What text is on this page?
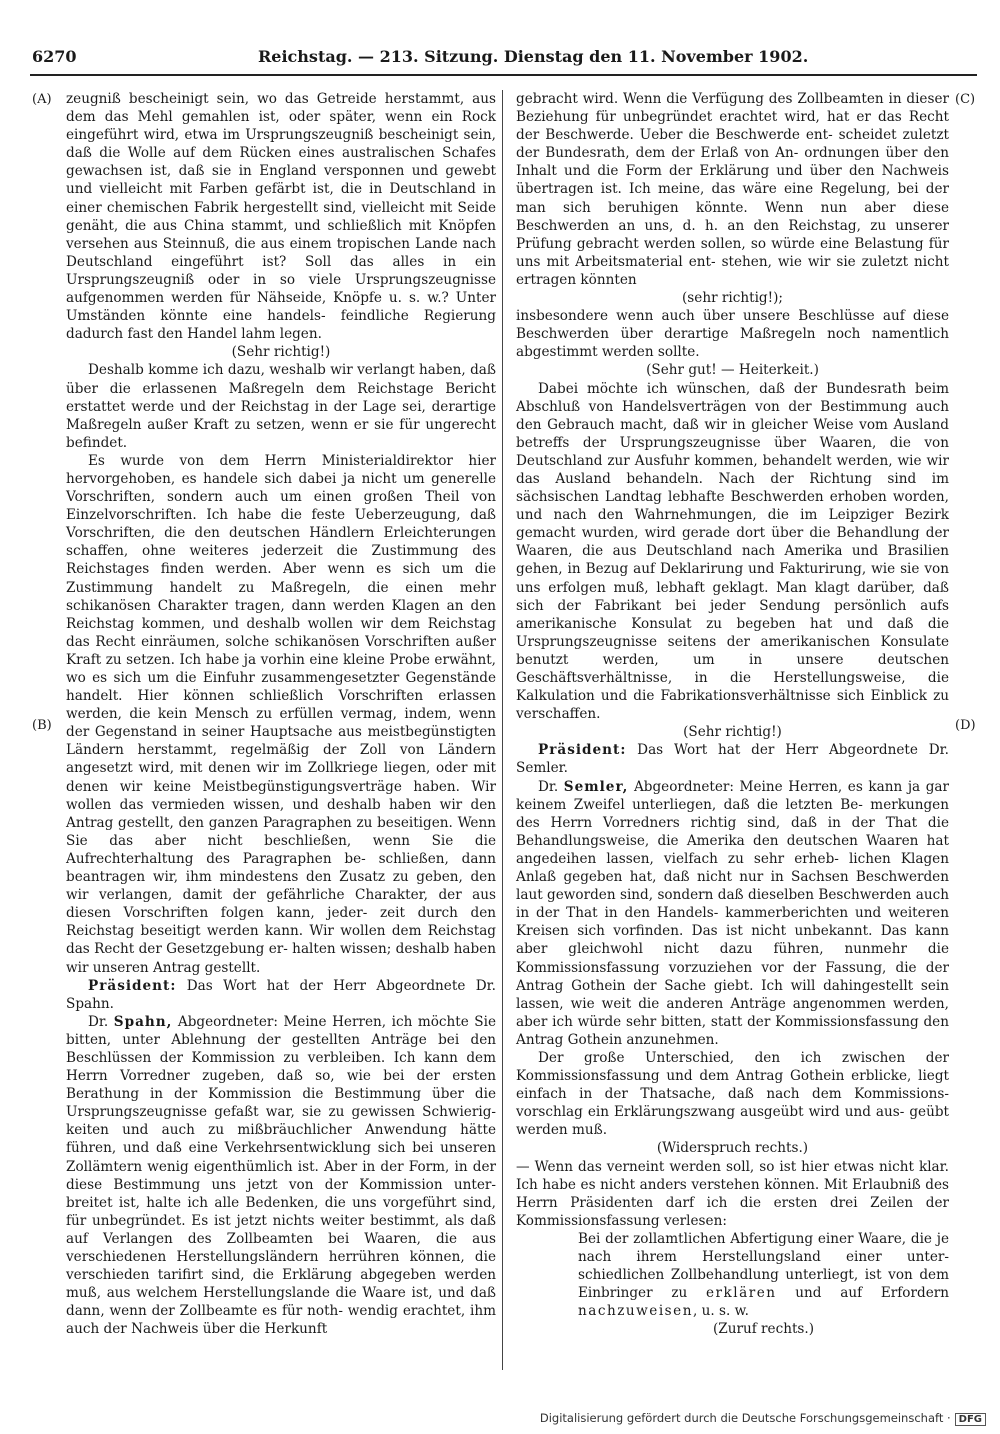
6270	Reichstag. — 213. Sitzung. Dienstag den 11. November 1902.
(A)
(B)
(C)
(D)

zeugniß bescheinigt sein, wo das Getreide herstammt, aus dem das Mehl gemahlen ist, oder später, wenn ein Rock eingeführt wird, etwa im Ursprungszeugniß bescheinigt sein, daß die Wolle auf dem Rücken eines australischen Schafes gewachsen ist, daß sie in England versponnen und gewebt und vielleicht mit Farben gefärbt ist, die in Deutschland in einer chemischen Fabrik hergestellt sind, vielleicht mit Seide genäht, die aus China stammt, und schließlich mit Knöpfen versehen aus Steinnuß, die aus einem tropischen Lande nach Deutschland eingeführt ist? Soll das alles in ein Ursprungszeugniß oder in so viele Ursprungszeugnisse aufgenommen werden für Nähseide, Knöpfe u. s. w.? Unter Umständen könnte eine handels- feindliche Regierung dadurch fast den Handel lahm legen.

(Sehr richtig!)

Deshalb komme ich dazu, weshalb wir verlangt haben, daß über die erlassenen Maßregeln dem Reichstage Bericht erstattet werde und der Reichstag in der Lage sei, derartige Maßregeln außer Kraft zu setzen, wenn er sie für ungerecht befindet.

Es wurde von dem Herrn Ministerialdirektor hier hervorgehoben, es handele sich dabei ja nicht um generelle Vorschriften, sondern auch um einen großen Theil von Einzelvorschriften. Ich habe die feste Ueberzeugung, daß Vorschriften, die den deutschen Händlern Erleichterungen schaffen, ohne weiteres jederzeit die Zustimmung des Reichstages finden werden. Aber wenn es sich um die Zustimmung handelt zu Maßregeln, die einen mehr schikanösen Charakter tragen, dann werden Klagen an den Reichstag kommen, und deshalb wollen wir dem Reichstag das Recht einräumen, solche schikanösen Vorschriften außer Kraft zu setzen. Ich habe ja vorhin eine kleine Probe erwähnt, wo es sich um die Einfuhr zusammengesetzter Gegenstände handelt. Hier können schließlich Vorschriften erlassen werden, die kein Mensch zu erfüllen vermag, indem, wenn der Gegenstand in seiner Hauptsache aus meistbegünstigten Ländern herstammt, regelmäßig der Zoll von Ländern angesetzt wird, mit denen wir im Zollkriege liegen, oder mit denen wir keine Meistbegünstigungsverträge haben. Wir wollen das vermieden wissen, und deshalb haben wir den Antrag gestellt, den ganzen Paragraphen zu beseitigen. Wenn Sie das aber nicht beschließen, wenn Sie die Aufrechterhaltung des Paragraphen be- schließen, dann beantragen wir, ihm mindestens den Zusatz zu geben, den wir verlangen, damit der gefährliche Charakter, der aus diesen Vorschriften folgen kann, jeder- zeit durch den Reichstag beseitigt werden kann. Wir wollen dem Reichstag das Recht der Gesetzgebung er- halten wissen; deshalb haben wir unseren Antrag gestellt.

Präsident: Das Wort hat der Herr Abgeordnete Dr. Spahn.

Dr. Spahn, Abgeordneter: Meine Herren, ich möchte Sie bitten, unter Ablehnung der gestellten Anträge bei den Beschlüssen der Kommission zu verbleiben. Ich kann dem Herrn Vorredner zugeben, daß so, wie bei der ersten Berathung in der Kommission die Bestimmung über die Ursprungszeugnisse gefaßt war, sie zu gewissen Schwierig- keiten und auch zu mißbräuchlicher Anwendung hätte führen, und daß eine Verkehrsentwicklung sich bei unseren Zollämtern wenig eigenthümlich ist. Aber in der Form, in der diese Bestimmung uns jetzt von der Kommission unter- breitet ist, halte ich alle Bedenken, die uns vorgeführt sind, für unbegründet. Es ist jetzt nichts weiter bestimmt, als daß auf Verlangen des Zollbeamten bei Waaren, die aus verschiedenen Herstellungsländern herrühren können, die verschieden tarifirt sind, die Erklärung abgegeben werden muß, aus welchem Herstellungslande die Waare ist, und daß dann, wenn der Zollbeamte es für noth- wendig erachtet, ihm auch der Nachweis über die Herkunft

gebracht wird. Wenn die Verfügung des Zollbeamten in dieser Beziehung für unbegründet erachtet wird, hat er das Recht der Beschwerde. Ueber die Beschwerde ent- scheidet zuletzt der Bundesrath, dem der Erlaß von An- ordnungen über den Inhalt und die Form der Erklärung und über den Nachweis übertragen ist. Ich meine, das wäre eine Regelung, bei der man sich beruhigen könnte. Wenn nun aber diese Beschwerden an uns, d. h. an den Reichstag, zu unserer Prüfung gebracht werden sollen, so würde eine Belastung für uns mit Arbeitsmaterial ent- stehen, wie wir sie zuletzt nicht ertragen könnten

(sehr richtig!);

insbesondere wenn auch über unsere Beschlüsse auf diese Beschwerden über derartige Maßregeln noch namentlich abgestimmt werden sollte.

(Sehr gut! — Heiterkeit.)

Dabei möchte ich wünschen, daß der Bundesrath beim Abschluß von Handelsverträgen von der Bestimmung auch den Gebrauch macht, daß wir in gleicher Weise vom Ausland betreffs der Ursprungszeugnisse über Waaren, die von Deutschland zur Ausfuhr kommen, behandelt werden, wie wir das Ausland behandeln. Nach der Richtung sind im sächsischen Landtag lebhafte Beschwerden erhoben worden, und nach den Wahrnehmungen, die im Leipziger Bezirk gemacht wurden, wird gerade dort über die Behandlung der Waaren, die aus Deutschland nach Amerika und Brasilien gehen, in Bezug auf Deklarirung und Fakturirung, wie sie von uns erfolgen muß, lebhaft geklagt. Man klagt darüber, daß sich der Fabrikant bei jeder Sendung persönlich aufs amerikanische Konsulat zu begeben hat und daß die Ursprungszeugnisse seitens der amerikanischen Konsulate benutzt werden, um in unsere deutschen Geschäftsverhältnisse, in die Herstellungsweise, die Kalkulation und die Fabrikationsverhältnisse sich Einblick zu verschaffen.

(Sehr richtig!)

Präsident: Das Wort hat der Herr Abgeordnete Dr. Semler.

Dr. Semler, Abgeordneter: Meine Herren, es kann ja gar keinem Zweifel unterliegen, daß die letzten Be- merkungen des Herrn Vorredners richtig sind, daß in der That die Behandlungsweise, die Amerika den deutschen Waaren hat angedeihen lassen, vielfach zu sehr erheb- lichen Klagen Anlaß gegeben hat, daß nicht nur in Sachsen Beschwerden laut geworden sind, sondern daß dieselben Beschwerden auch in der That in den Handels- kammerberichten und weiteren Kreisen sich vorfinden. Das ist nicht unbekannt. Das kann aber gleichwohl nicht dazu führen, nunmehr die Kommissionsfassung vorzuziehen vor der Fassung, die der Antrag Gothein der Sache giebt. Ich will dahingestellt sein lassen, wie weit die anderen Anträge angenommen werden, aber ich würde sehr bitten, statt der Kommissionsfassung den Antrag Gothein anzunehmen.

Der große Unterschied, den ich zwischen der Kommissionsfassung und dem Antrag Gothein erblicke, liegt einfach in der Thatsache, daß nach dem Kommissions- vorschlag ein Erklärungszwang ausgeübt wird und aus- geübt werden muß.

(Widerspruch rechts.)

— Wenn das verneint werden soll, so ist hier etwas nicht klar. Ich habe es nicht anders verstehen können. Mit Erlaubniß des Herrn Präsidenten darf ich die ersten drei Zeilen der Kommissionsfassung verlesen:

Bei der zollamtlichen Abfertigung einer Waare, die je nach ihrem Herstellungsland einer unter- schiedlichen Zollbehandlung unterliegt, ist von dem Einbringer zu erklären und auf Erfordern nachzuweisen, u. s. w.

(Zuruf rechts.)

Digitalisierung gefördert durch die Deutsche Forschungsgemeinschaft · DFG
